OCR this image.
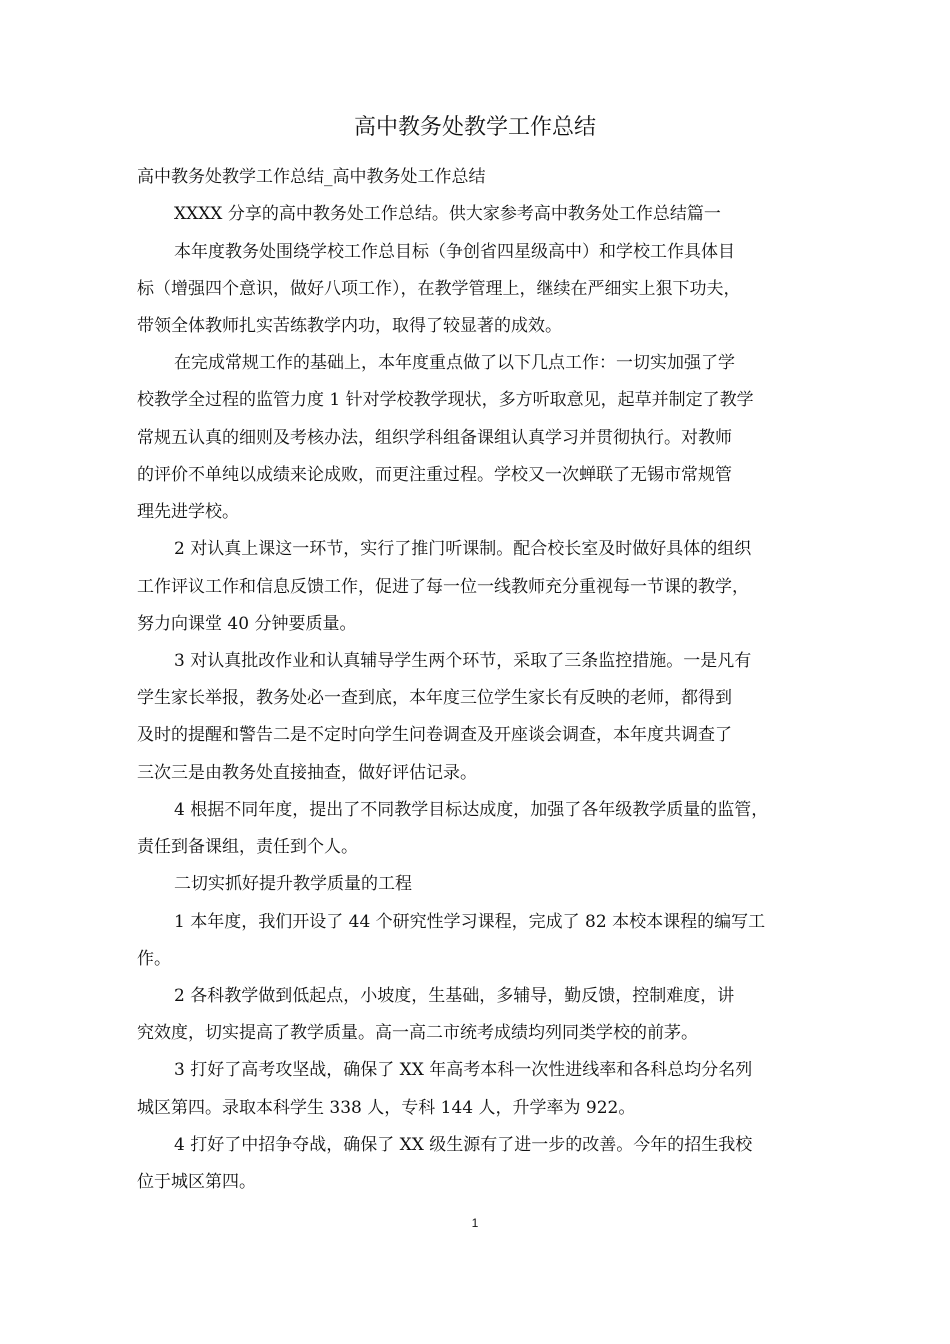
高中教务处教学工作总结
高中教务处教学工作总结_高中教务处工作总结
XXXX 分享的高中教务处工作总结。供大家参考高中教务处工作总结篇一
本年度教务处围绕学校工作总目标（争创省四星级高中）和学校工作具体目
标（增强四个意识，做好八项工作），在教学管理上，继续在严细实上狠下功夫，
带领全体教师扎实苦练教学内功，取得了较显著的成效。
在完成常规工作的基础上，本年度重点做了以下几点工作：一切实加强了学
校教学全过程的监管力度 1 针对学校教学现状，多方听取意见，起草并制定了教学
常规五认真的细则及考核办法，组织学科组备课组认真学习并贯彻执行。对教师
的评价不单纯以成绩来论成败，而更注重过程。学校又一次蝉联了无锡市常规管
理先进学校。
2 对认真上课这一环节，实行了推门听课制。配合校长室及时做好具体的组织
工作评议工作和信息反馈工作，促进了每一位一线教师充分重视每一节课的教学，
努力向课堂 40 分钟要质量。
3 对认真批改作业和认真辅导学生两个环节，采取了三条监控措施。一是凡有
学生家长举报，教务处必一查到底，本年度三位学生家长有反映的老师，都得到
及时的提醒和警告二是不定时向学生问卷调查及开座谈会调查，本年度共调查了
三次三是由教务处直接抽查，做好评估记录。
4 根据不同年度，提出了不同教学目标达成度，加强了各年级教学质量的监管，
责任到备课组，责任到个人。
二切实抓好提升教学质量的工程
1 本年度，我们开设了 44 个研究性学习课程，完成了 82 本校本课程的编写工
作。
2 各科教学做到低起点，小坡度，生基础，多辅导，勤反馈，控制难度，讲
究效度，切实提高了教学质量。高一高二市统考成绩均列同类学校的前茅。
3 打好了高考攻坚战，确保了 XX 年高考本科一次性进线率和各科总均分名列
城区第四。录取本科学生 338 人，专科 144 人，升学率为 922。
4 打好了中招争夺战，确保了 XX 级生源有了进一步的改善。今年的招生我校
位于城区第四。
1
